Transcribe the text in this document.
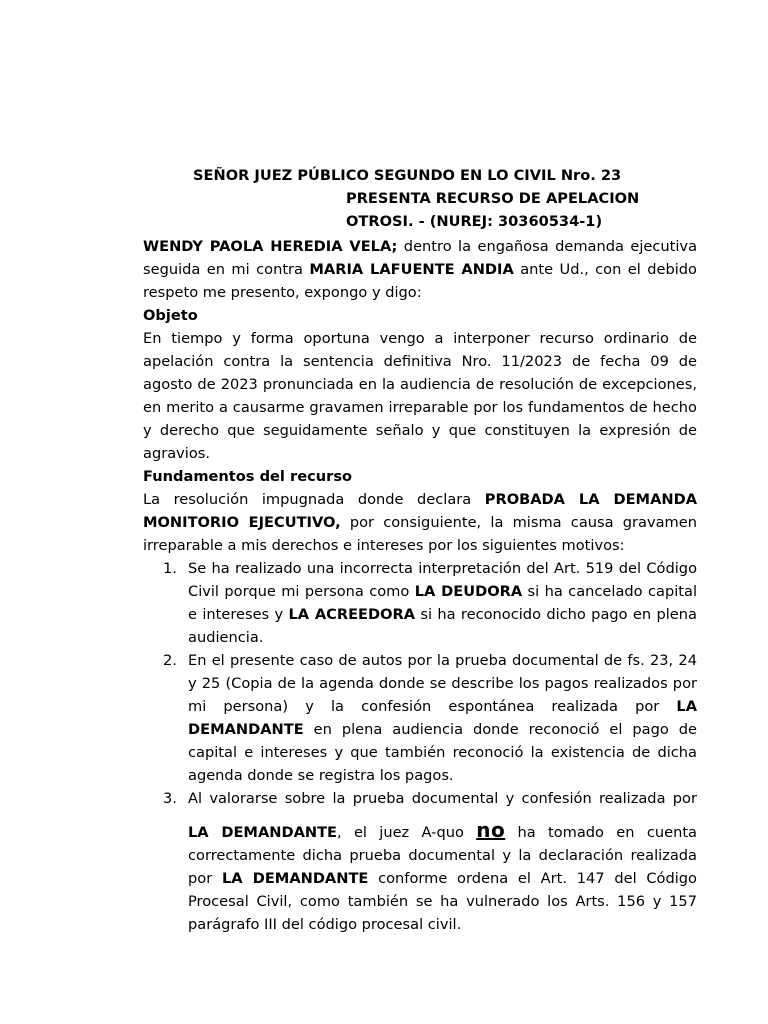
SEÑOR JUEZ PÚBLICO SEGUNDO EN LO CIVIL Nro. 23
PRESENTA RECURSO DE APELACION
OTROSI. - (NUREJ: 30360534-1)
WENDY PAOLA HEREDIA VELA; dentro la engañosa demanda ejecutiva seguida en mi contra MARIA LAFUENTE ANDIA ante Ud., con el debido respeto me presento, expongo y digo:
Objeto
En tiempo y forma oportuna vengo a interponer recurso ordinario de apelación contra la sentencia definitiva Nro. 11/2023 de fecha 09 de agosto de 2023 pronunciada en la audiencia de resolución de excepciones, en merito a causarme gravamen irreparable por los fundamentos de hecho y derecho que seguidamente señalo y que constituyen la expresión de agravios.
Fundamentos del recurso
La resolución impugnada donde declara PROBADA LA DEMANDA MONITORIO EJECUTIVO, por consiguiente, la misma causa gravamen irreparable a mis derechos e intereses por los siguientes motivos:
1. Se ha realizado una incorrecta interpretación del Art. 519 del Código Civil porque mi persona como LA DEUDORA si ha cancelado capital e intereses y LA ACREEDORA si ha reconocido dicho pago en plena audiencia.
2. En el presente caso de autos por la prueba documental de fs. 23, 24 y 25 (Copia de la agenda donde se describe los pagos realizados por mi persona) y la confesión espontánea realizada por LA DEMANDANTE en plena audiencia donde reconoció el pago de capital e intereses y que también reconoció la existencia de dicha agenda donde se registra los pagos.
3. Al valorarse sobre la prueba documental y confesión realizada por
LA DEMANDANTE, el juez A-quo no ha tomado en cuenta correctamente dicha prueba documental y la declaración realizada por LA DEMANDANTE conforme ordena el Art. 147 del Código Procesal Civil, como también se ha vulnerado los Arts. 156 y 157 parágrafo III del código procesal civil.
